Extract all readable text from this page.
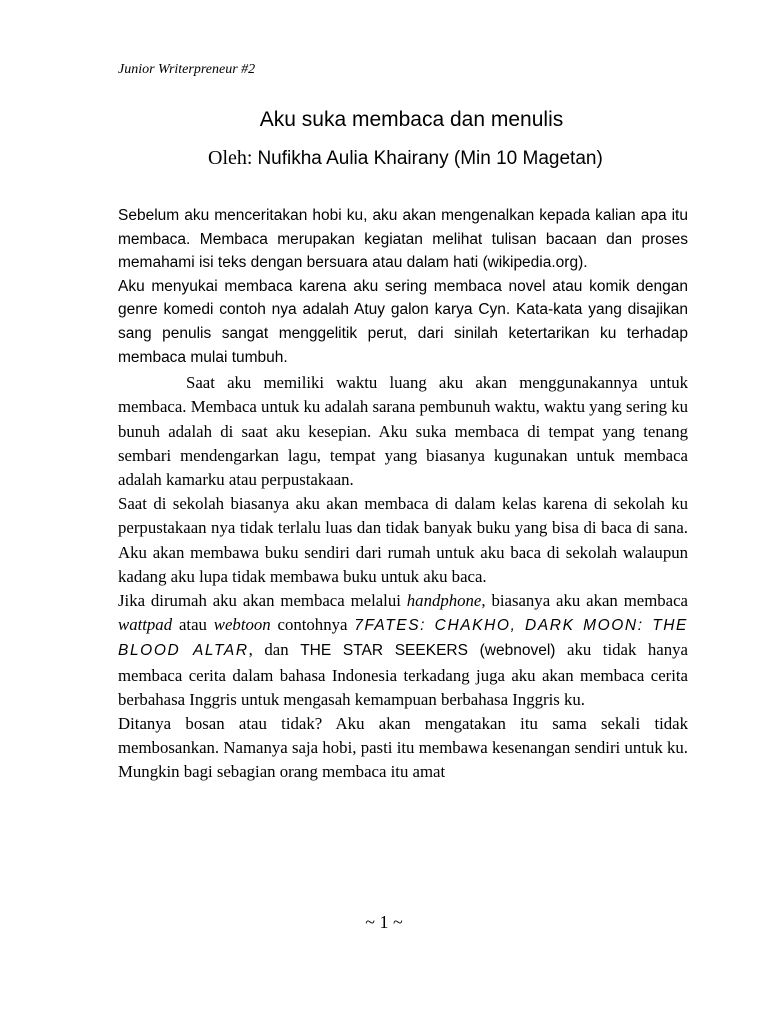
Junior Writerpreneur #2
Aku suka membaca dan menulis
Oleh: Nufikha Aulia Khairany (Min 10 Magetan)

Sebelum aku menceritakan hobi ku, aku akan mengenalkan kepada kalian apa itu membaca. Membaca merupakan kegiatan melihat tulisan bacaan dan proses memahami isi teks dengan bersuara atau dalam hati (wikipedia.org).

Aku menyukai membaca karena aku sering membaca novel atau komik dengan genre komedi contoh nya adalah Atuy galon karya Cyn. Kata-kata yang disajikan sang penulis sangat menggelitik perut, dari sinilah ketertarikan ku terhadap membaca mulai tumbuh.

Saat aku memiliki waktu luang aku akan menggunakannya untuk membaca. Membaca untuk ku adalah sarana pembunuh waktu, waktu yang sering ku bunuh adalah di saat aku kesepian. Aku suka membaca di tempat yang tenang sembari mendengarkan lagu, tempat yang biasanya kugunakan untuk membaca adalah kamarku atau perpustakaan.

Saat di sekolah biasanya aku akan membaca di dalam kelas karena di sekolah ku perpustakaan nya tidak terlalu luas dan tidak banyak buku yang bisa di baca di sana. Aku akan membawa buku sendiri dari rumah untuk aku baca di sekolah walaupun kadang aku lupa tidak membawa buku untuk aku baca.

Jika dirumah aku akan membaca melalui handphone, biasanya aku akan membaca wattpad atau webtoon contohnya 7FATES: CHAKHO, DARK MOON: THE BLOOD ALTAR, dan THE STAR SEEKERS (webnovel) aku tidak hanya membaca cerita dalam bahasa Indonesia terkadang juga aku akan membaca cerita berbahasa Inggris untuk mengasah kemampuan berbahasa Inggris ku.

Ditanya bosan atau tidak? Aku akan mengatakan itu sama sekali tidak membosankan. Namanya saja hobi, pasti itu membawa kesenangan sendiri untuk ku. Mungkin bagi sebagian orang membaca itu amat

~ 1 ~
